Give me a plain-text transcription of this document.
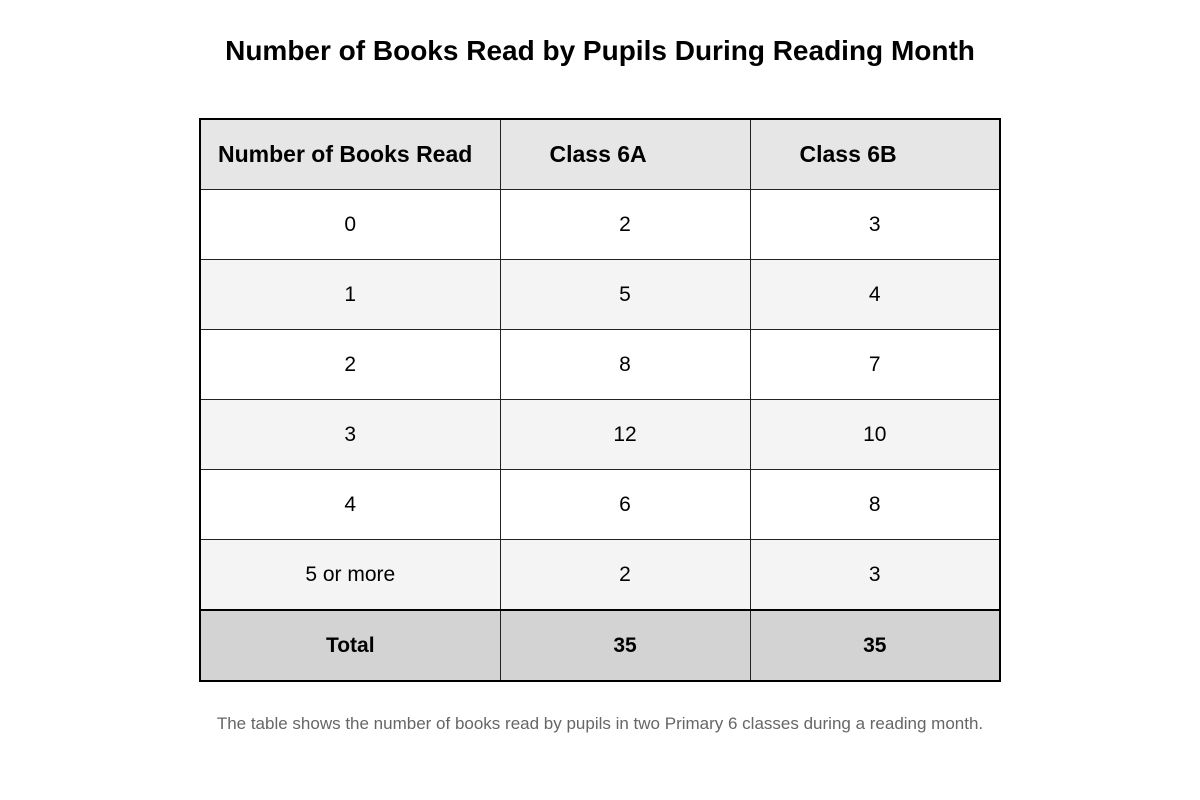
Number of Books Read by Pupils During Reading Month
Number of Books Read	Class 6A	Class 6B
0	2	3
1	5	4
2	8	7
3	12	10
4	6	8
5 or more	2	3
Total	35	35
The table shows the number of books read by pupils in two Primary 6 classes during a reading month.
